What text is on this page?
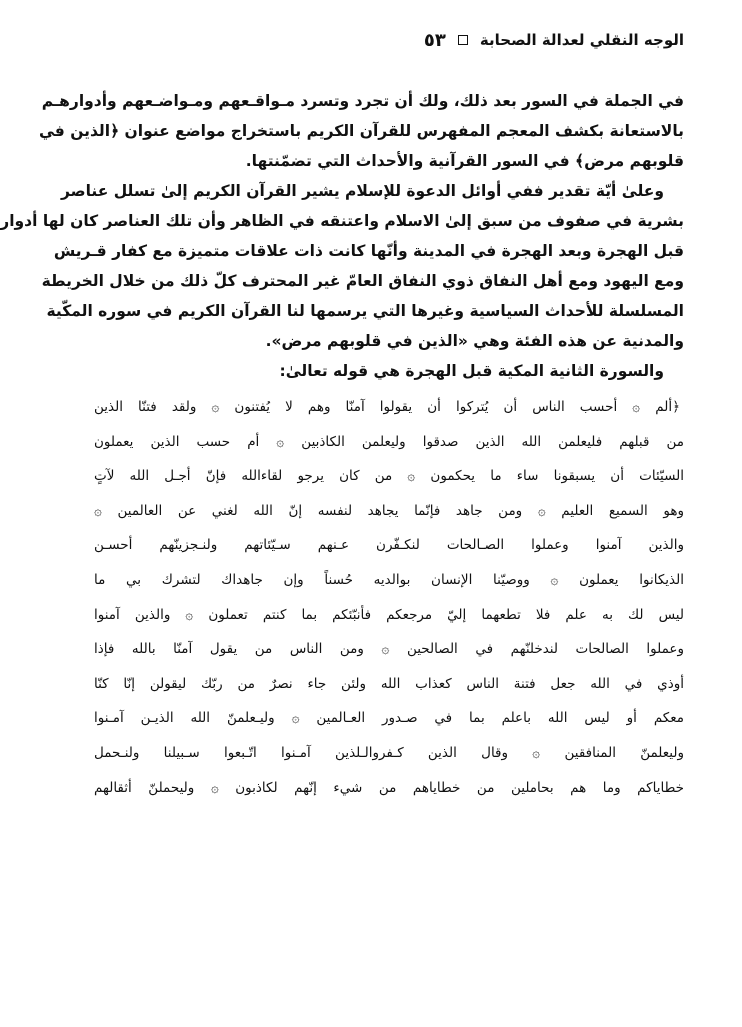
الوجه النقلي لعدالة الصحابة
٥٣
في الجملة في السور بعد ذلك، ولك أن تجرد وتسرد مـواقـعهم ومـواضـعهم وأدوارهـم
بالاستعانة بكشف المعجم المفهرس للقرآن الكريم باستخراج مواضع عنوان ﴿الذين في
قلوبهم مرض﴾ في السور القرآنية والأحداث التي تضمّنتها.
وعلىٰ أيّة تقدير ففي أوائل الدعوة للإسلام يشير القرآن الكريم إلىٰ تسلل عناصر
بشرية في صفوف من سبق إلىٰ الاسلام واعتنقه في الظاهر وأن تلك العناصر كان لها أدوار
قبل الهجرة وبعد الهجرة في المدينة وأنّها كانت ذات علاقات متميزة مع كفار قـريش
ومع اليهود ومع أهل النفاق ذوي النفاق العامّ غير المحترف كلّ ذلك من خلال الخريطة
المسلسلة للأحداث السياسية وغيرها التي يرسمها لنا القرآن الكريم في سوره المكّية
والمدنية عن هذه الفئة وهي «الذين في قلوبهم مرض».
والسورة الثانية المكية قبل الهجرة هي قوله تعالىٰ:
﴿ألم ۞ أحسب الناس أن يُتركوا أن يقولوا آمنّا وهم لا يُفتنون ۞ ولقد فتنّا الذين
من قبلهم فليعلمن الله الذين صدقوا وليعلمن الكاذبين ۞ أم حسب الذين يعملون
السيّئات أن يسبقونا ساء ما يحكمون ۞ من كان يرجو لقاءالله فإنّ أجـل الله لآتٍ
وهو السميع العليم ۞ ومن جاهد فإنّما يجاهد لنفسه إنّ الله لغني عن العالمين ۞
والذين آمنوا وعملوا الصـالحات لنكـفّرن عـنهم سـيّئاتهم ولنـجزينّهم أحسـن
الذيكانوا يعملون ۞ ووصيّنا الإنسان بوالديه حُسناً وإن جاهداك لتشرك بي ما
ليس لك به علم فلا تطعهما إليّ مرجعكم فأنبّئكم بما كنتم تعملون ۞ والذين آمنوا
وعملوا الصالحات لندخلنّهم في الصالحين ۞ ومن الناس من يقول آمنّا بالله فإذا
أوذي في الله جعل فتنة الناس كعذاب الله ولئن جاء نصرٌ من ربّك ليقولن إنّا كنّا
معكم أو ليس الله باعلم بما في صـدور العـالمين ۞ وليـعلمنّ الله الذيـن آمـنوا
وليعلمنّ المنافقين ۞ وقال الذين كـفروالـلذين آمـنوا اتّـبعوا سـبيلنا ولنـحمل
خطاياكم وما هم بحاملين من خطاياهم من شيء إنّهم لكاذبون ۞ وليحملنّ أثقالهم
